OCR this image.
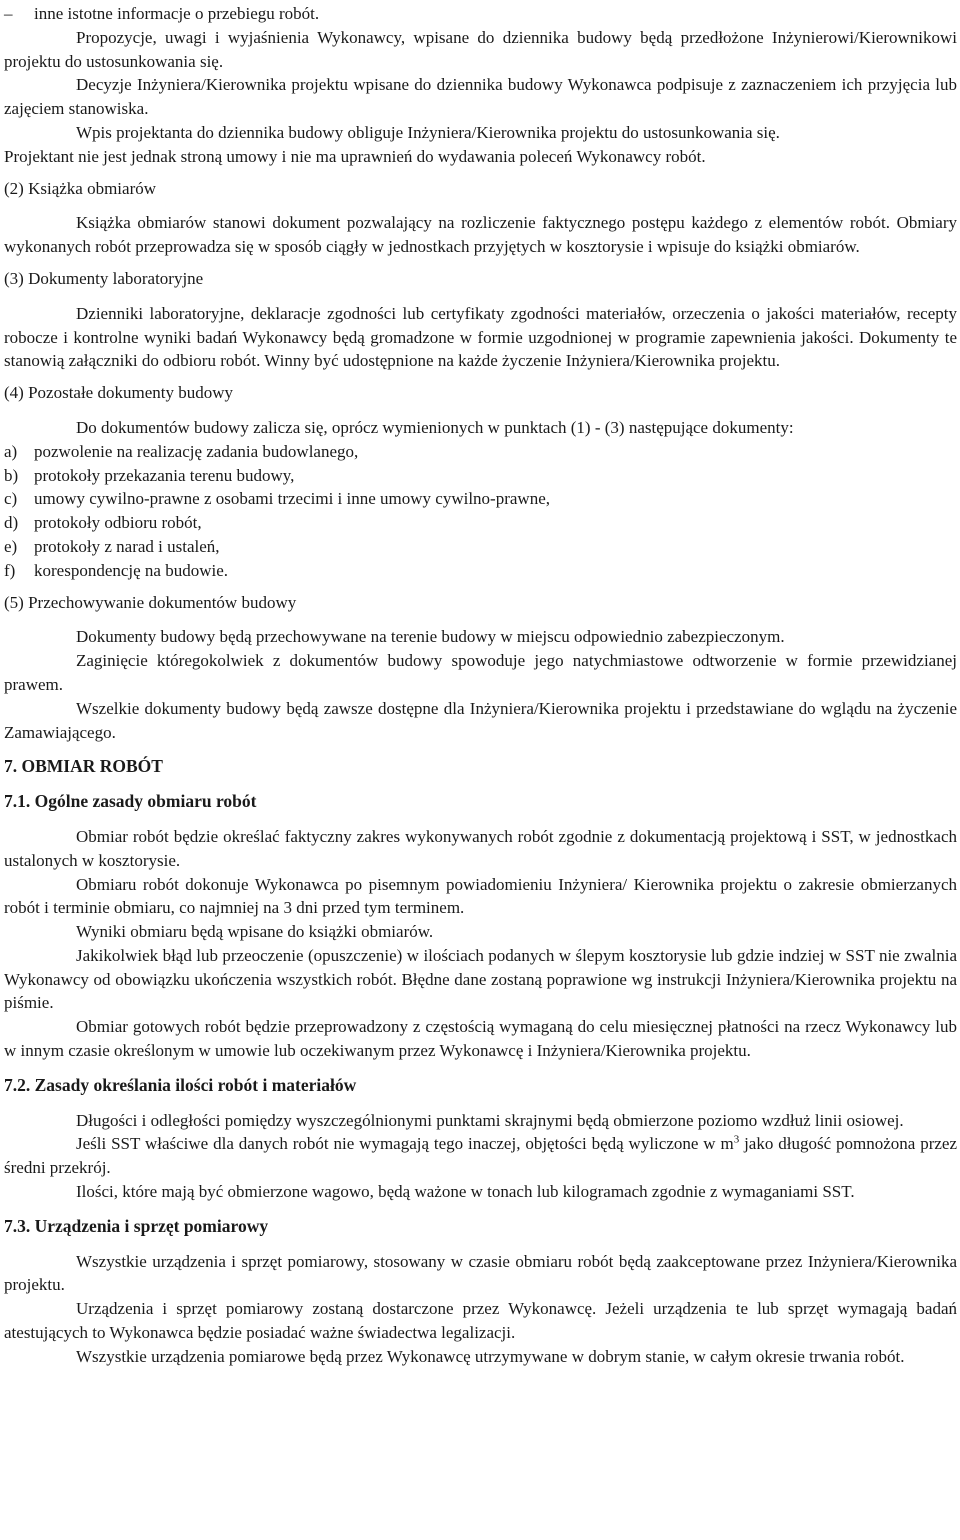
– inne istotne informacje o przebiegu robót.

Propozycje, uwagi i wyjaśnienia Wykonawcy, wpisane do dziennika budowy będą przedłożone Inżynierowi/Kierownikowi projektu do ustosunkowania się.

Decyzje Inżyniera/Kierownika projektu wpisane do dziennika budowy Wykonawca podpisuje z zaznaczeniem ich przyjęcia lub zajęciem stanowiska.

Wpis projektanta do dziennika budowy obliguje Inżyniera/Kierownika projektu do ustosunkowania się.

Projektant nie jest jednak stroną umowy i nie ma uprawnień do wydawania poleceń Wykonawcy robót.

(2) Książka obmiarów

Książka obmiarów stanowi dokument pozwalający na rozliczenie faktycznego postępu każdego z elementów robót. Obmiary wykonanych robót przeprowadza się w sposób ciągły w jednostkach przyjętych w kosztorysie i wpisuje do książki obmiarów.

(3) Dokumenty laboratoryjne

Dzienniki laboratoryjne, deklaracje zgodności lub certyfikaty zgodności materiałów, orzeczenia o jakości materiałów, recepty robocze i kontrolne wyniki badań Wykonawcy będą gromadzone w formie uzgodnionej w programie zapewnienia jakości. Dokumenty te stanowią załączniki do odbioru robót. Winny być udostępnione na każde życzenie Inżyniera/Kierownika projektu.

(4) Pozostałe dokumenty budowy

Do dokumentów budowy zalicza się, oprócz wymienionych w punktach (1) - (3) następujące dokumenty:

a) pozwolenie na realizację zadania budowlanego,

b) protokoły przekazania terenu budowy,

c) umowy cywilno-prawne z osobami trzecimi i inne umowy cywilno-prawne,

d) protokoły odbioru robót,

e) protokoły z narad i ustaleń,

f) korespondencję na budowie.

(5) Przechowywanie dokumentów budowy

Dokumenty budowy będą przechowywane na terenie budowy w miejscu odpowiednio zabezpieczonym.

Zaginięcie któregokolwiek z dokumentów budowy spowoduje jego natychmiastowe odtworzenie w formie przewidzianej prawem.

Wszelkie dokumenty budowy będą zawsze dostępne dla Inżyniera/Kierownika projektu i przedstawiane do wglądu na życzenie Zamawiającego.

7. OBMIAR ROBÓT

7.1. Ogólne zasady obmiaru robót

Obmiar robót będzie określać faktyczny zakres wykonywanych robót zgodnie z dokumentacją projektową i SST, w jednostkach ustalonych w kosztorysie.

Obmiaru robót dokonuje Wykonawca po pisemnym powiadomieniu Inżyniera/ Kierownika projektu o zakresie obmierzanych robót i terminie obmiaru, co najmniej na 3 dni przed tym terminem.

Wyniki obmiaru będą wpisane do książki obmiarów.

Jakikolwiek błąd lub przeoczenie (opuszczenie) w ilościach podanych w ślepym kosztorysie lub gdzie indziej w SST nie zwalnia Wykonawcy od obowiązku ukończenia wszystkich robót. Błędne dane zostaną poprawione wg instrukcji Inżyniera/Kierownika projektu na piśmie.

Obmiar gotowych robót będzie przeprowadzony z częstością wymaganą do celu miesięcznej płatności na rzecz Wykonawcy lub w innym czasie określonym w umowie lub oczekiwanym przez Wykonawcę i Inżyniera/Kierownika projektu.

7.2. Zasady określania ilości robót i materiałów

Długości i odległości pomiędzy wyszczególnionymi punktami skrajnymi będą obmierzone poziomo wzdłuż linii osiowej.

Jeśli SST właściwe dla danych robót nie wymagają tego inaczej, objętości będą wyliczone w $m^3$ jako długość pomnożona przez średni przekrój.

Ilości, które mają być obmierzone wagowo, będą ważone w tonach lub kilogramach zgodnie z wymaganiami SST.

7.3. Urządzenia i sprzęt pomiarowy

Wszystkie urządzenia i sprzęt pomiarowy, stosowany w czasie obmiaru robót będą zaakceptowane przez Inżyniera/Kierownika projektu.

Urządzenia i sprzęt pomiarowy zostaną dostarczone przez Wykonawcę. Jeżeli urządzenia te lub sprzęt wymagają badań atestujących to Wykonawca będzie posiadać ważne świadectwa legalizacji.

Wszystkie urządzenia pomiarowe będą przez Wykonawcę utrzymywane w dobrym stanie, w całym okresie trwania robót.
